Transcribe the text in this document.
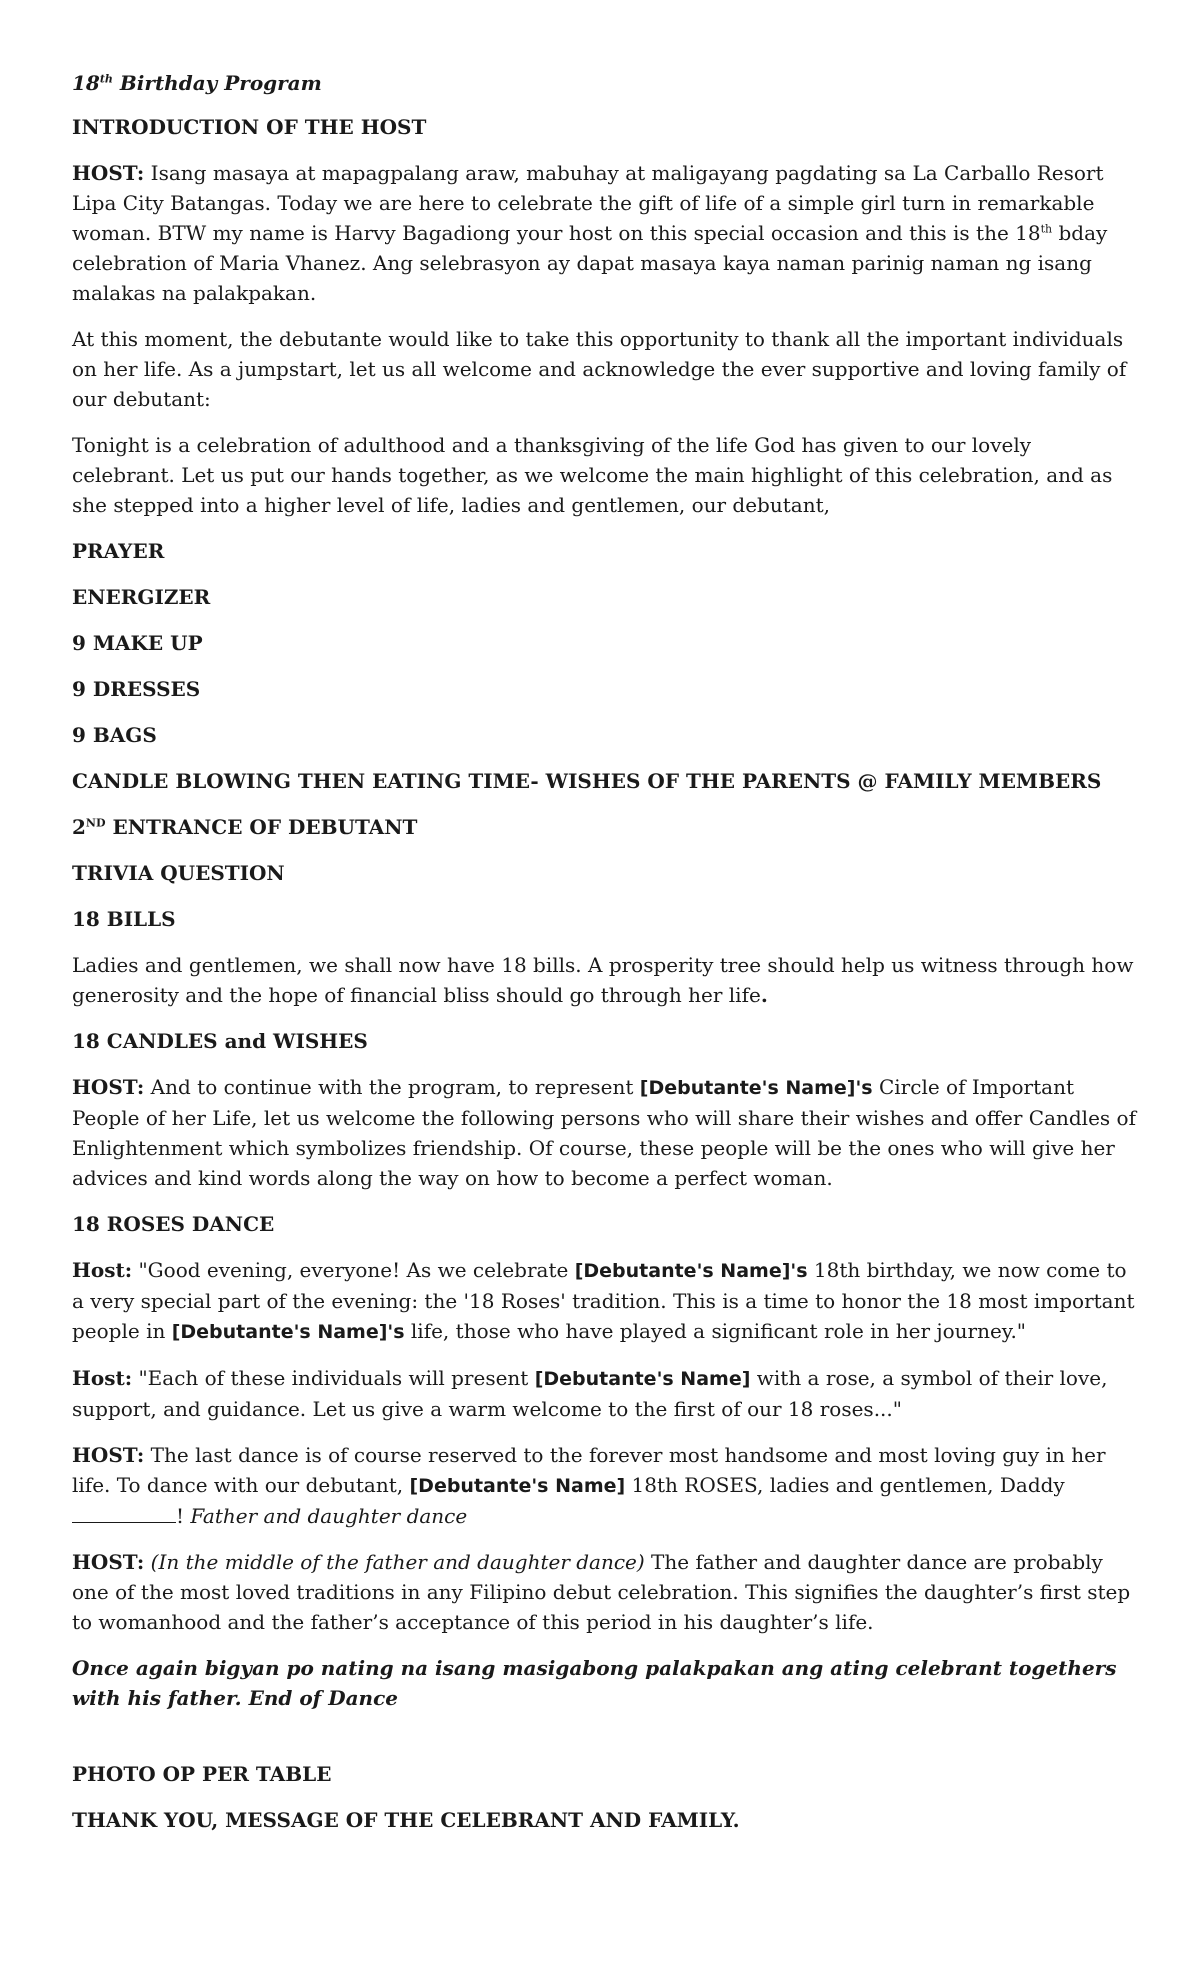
18th Birthday Program

INTRODUCTION OF THE HOST

HOST: Isang masaya at mapagpalang araw, mabuhay at maligayang pagdating sa La Carballo Resort Lipa City Batangas. Today we are here to celebrate the gift of life of a simple girl turn in remarkable woman. BTW my name is Harvy Bagadiong your host on this special occasion and this is the 18th bday celebration of Maria Vhanez. Ang selebrasyon ay dapat masaya kaya naman parinig naman ng isang malakas na palakpakan.

At this moment, the debutante would like to take this opportunity to thank all the important individuals on her life. As a jumpstart, let us all welcome and acknowledge the ever supportive and loving family of our debutant:

Tonight is a celebration of adulthood and a thanksgiving of the life God has given to our lovely celebrant. Let us put our hands together, as we welcome the main highlight of this celebration, and as she stepped into a higher level of life, ladies and gentlemen, our debutant,

PRAYER

ENERGIZER

9 MAKE UP

9 DRESSES

9 BAGS

CANDLE BLOWING THEN EATING TIME- WISHES OF THE PARENTS @ FAMILY MEMBERS

2ND ENTRANCE OF DEBUTANT

TRIVIA QUESTION

18 BILLS

Ladies and gentlemen, we shall now have 18 bills. A prosperity tree should help us witness through how generosity and the hope of financial bliss should go through her life.

18 CANDLES and WISHES

HOST: And to continue with the program, to represent [Debutante's Name]'s Circle of Important People of her Life, let us welcome the following persons who will share their wishes and offer Candles of Enlightenment which symbolizes friendship. Of course, these people will be the ones who will give her advices and kind words along the way on how to become a perfect woman.

18 ROSES DANCE

Host: "Good evening, everyone! As we celebrate [Debutante's Name]'s 18th birthday, we now come to a very special part of the evening: the '18 Roses' tradition. This is a time to honor the 18 most important people in [Debutante's Name]'s life, those who have played a significant role in her journey."

Host: "Each of these individuals will present [Debutante's Name] with a rose, a symbol of their love, support, and guidance. Let us give a warm welcome to the first of our 18 roses..."

HOST: The last dance is of course reserved to the forever most handsome and most loving guy in her life. To dance with our debutant, [Debutante's Name] 18th ROSES, ladies and gentlemen, Daddy! Father and daughter dance

HOST: (In the middle of the father and daughter dance) The father and daughter dance are probably one of the most loved traditions in any Filipino debut celebration. This signifies the daughter’s first step to womanhood and the father’s acceptance of this period in his daughter’s life.

Once again bigyan po nating na isang masigabong palakpakan ang ating celebrant togethers with his father. End of Dance

PHOTO OP PER TABLE

THANK YOU, MESSAGE OF THE CELEBRANT AND FAMILY.
